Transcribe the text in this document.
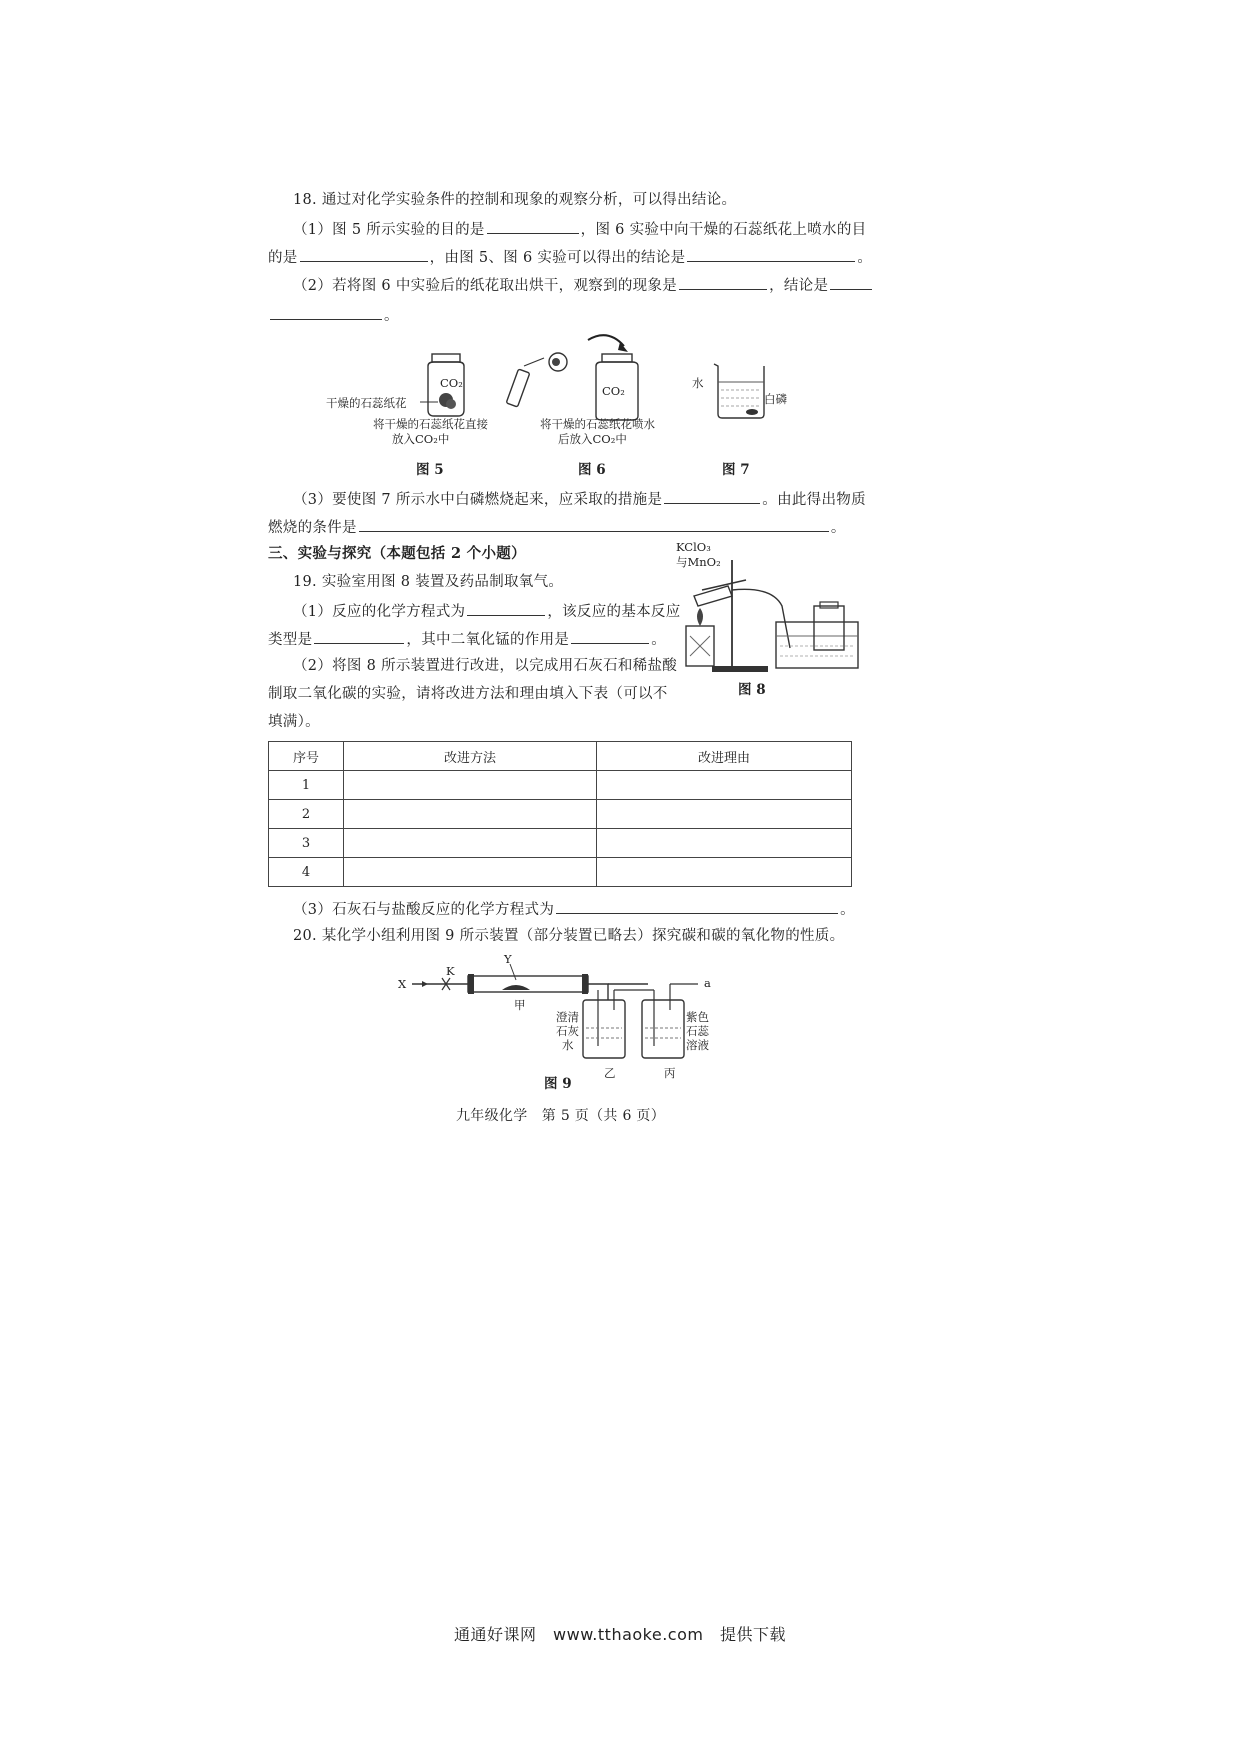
18. 通过对化学实验条件的控制和现象的观察分析，可以得出结论。
（1）图 5 所示实验的目的是	，图 6 实验中向干燥的石蕊纸花上喷水的目
的是	，由图 5、图 6 实验可以得出的结论是	。
（2）若将图 6 中实验后的纸花取出烘干，观察到的现象是	，结论是
。
CO₂
干燥的石蕊纸花
将干燥的石蕊纸花直接
放入CO₂中
图 5
CO₂
将干燥的石蕊纸花喷水
后放入CO₂中
图 6
水
白磷
图 7
（3）要使图 7 所示水中白磷燃烧起来，应采取的措施是	。由此得出物质
燃烧的条件是	。
三、实验与探究（本题包括 2 个小题）
19. 实验室用图 8 装置及药品制取氧气。
（1）反应的化学方程式为	，该反应的基本反应
类型是	，其中二氧化锰的作用是	。
（2）将图 8 所示装置进行改进，以完成用石灰石和稀盐酸
制取二氧化碳的实验，请将改进方法和理由填入下表（可以不
填满）。
KClO₃
与MnO₂
图 8
序号	改进方法	改进理由
1		
2		
3		
4		
（3）石灰石与盐酸反应的化学方程式为	。
20. 某化学小组利用图 9 所示装置（部分装置已略去）探究碳和碳的氧化物的性质。
X
K
Y
a
甲
澄清
石灰
水
紫色
石蕊
溶液
乙	丙
图 9
九年级化学　第 5 页（共 6 页）
通通好课网　www.tthaoke.com　提供下载
